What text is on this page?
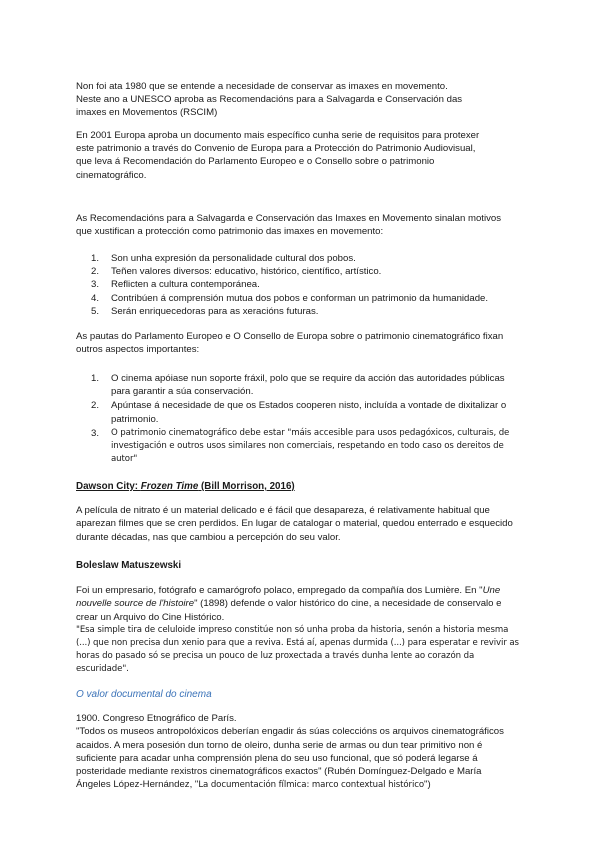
Non foi ata 1980 que se entende a necesidade de conservar as imaxes en movemento.

Neste ano a UNESCO aproba as Recomendacións para a Salvagarda e Conservación das

imaxes en Movementos (RSCIM)

En 2001 Europa aproba un documento mais específico cunha serie de requisitos para protexer

este patrimonio a través do Convenio de Europa para a Protección do Patrimonio Audiovisual,

que leva á Recomendación do Parlamento Europeo e o Consello sobre o patrimonio

cinematográfico.

As Recomendacións para a Salvagarda e Conservación das Imaxes en Movemento sinalan motivos

que xustifican a protección como patrimonio das imaxes en movemento:

1. Son unha expresión da personalidade cultural dos pobos.
2. Teñen valores diversos: educativo, histórico, científico, artístico.
3. Reflicten a cultura contemporánea.
4. Contribúen á comprensión mutua dos pobos e conforman un patrimonio da humanidade.
5. Serán enriquecedoras para as xeracións futuras.

As pautas do Parlamento Europeo e O Consello de Europa sobre o patrimonio cinematográfico fixan

outros aspectos importantes:

1. O cinema apóiase nun soporte fráxil, polo que se require da acción das autoridades públicas

para garantir a súa conservación.

2. Apúntase á necesidade de que os Estados cooperen nisto, incluída a vontade de dixitalizar o

patrimonio.

3. O patrimonio cinematográfico debe estar "máis accesible para usos pedagóxicos, culturais, de

investigación e outros usos similares non comerciais, respetando en todo caso os dereitos de

autor"

Dawson City: Frozen Time (Bill Morrison, 2016)

A película de nitrato é un material delicado e é fácil que desapareza, é relativamente habitual que

aparezan filmes que se cren perdidos. En lugar de catalogar o material, quedou enterrado e esquecido

durante décadas, nas que cambiou a percepción do seu valor.

Boleslaw Matuszewski

Foi un empresario, fotógrafo e camarógrofo polaco, empregado da compañía dos Lumière. En "Une

nouvelle source de l'histoire" (1898) defende o valor histórico do cine, a necesidade de conservalo e

crear un Arquivo do Cine Histórico.

"Esa simple tira de celuloide impreso constitúe non só unha proba da historia, senón a historia mesma

(...) que non precisa dun xenio para que a reviva. Está aí, apenas durmida (...) para esperatar e revivir as

horas do pasado só se precisa un pouco de luz proxectada a través dunha lente ao corazón da

escuridade".

O valor documental do cinema

1900. Congreso Etnográfico de París.

"Todos os museos antropolóxicos deberían engadir ás súas coleccións os arquivos cinematográficos

acaidos. A mera posesión dun torno de oleiro, dunha serie de armas ou dun tear primitivo non é

suficiente para acadar unha comprensión plena do seu uso funcional, que só poderá legarse á

posteridade mediante rexistros cinematográficos exactos" (Rubén Domínguez-Delgado e María

Ángeles López-Hernández, "La documentación fílmica: marco contextual histórico")
